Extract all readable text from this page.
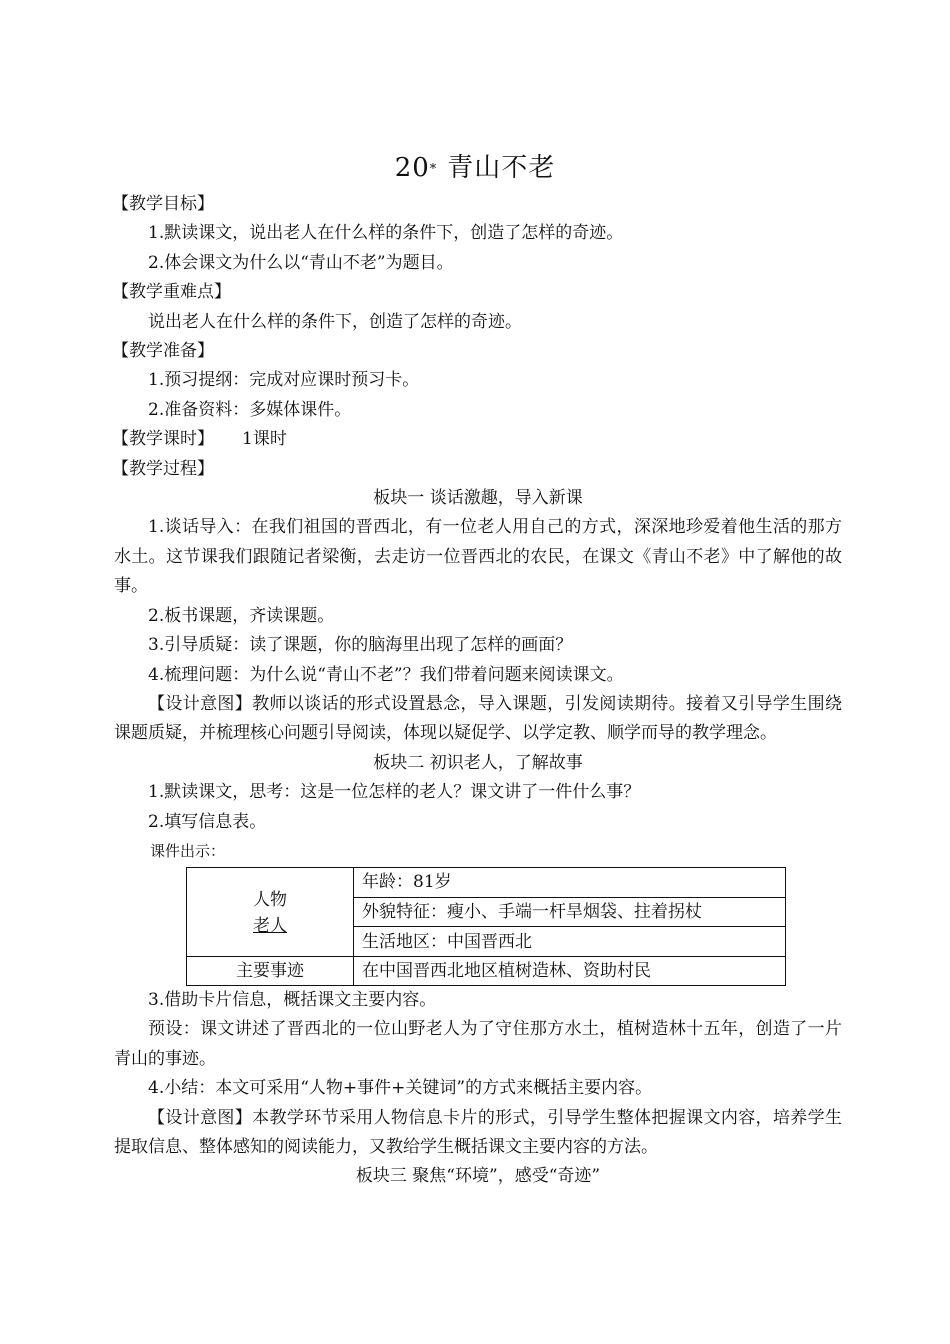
20* 青山不老

【教学目标】

1.默读课文，说出老人在什么样的条件下，创造了怎样的奇迹。

2.体会课文为什么以“青山不老”为题目。

【教学重难点】

说出老人在什么样的条件下，创造了怎样的奇迹。

【教学准备】

1.预习提纲：完成对应课时预习卡。

2.准备资料：多媒体课件。

【教学课时】 1课时

【教学过程】

板块一 谈话激趣，导入新课

1.谈话导入：在我们祖国的晋西北，有一位老人用自己的方式，深深地珍爱着他生活的那方水土。这节课我们跟随记者梁衡，去走访一位晋西北的农民，在课文《青山不老》中了解他的故事。

2.板书课题，齐读课题。

3.引导质疑：读了课题，你的脑海里出现了怎样的画面？

4.梳理问题：为什么说“青山不老”？我们带着问题来阅读课文。

【设计意图】教师以谈话的形式设置悬念，导入课题，引发阅读期待。接着又引导学生围绕课题质疑，并梳理核心问题引导阅读，体现以疑促学、以学定教、顺学而导的教学理念。

板块二 初识老人，了解故事

1.默读课文，思考：这是一位怎样的老人？课文讲了一件什么事？

2.填写信息表。

课件出示：

人物
老人	年龄：81岁
	外貌特征：瘦小、手端一杆旱烟袋、拄着拐杖
	生活地区：中国晋西北
主要事迹	在中国晋西北地区植树造林、资助村民

3.借助卡片信息，概括课文主要内容。

预设：课文讲述了晋西北的一位山野老人为了守住那方水土，植树造林十五年，创造了一片青山的事迹。

4.小结：本文可采用“人物+事件+关键词”的方式来概括主要内容。

【设计意图】本教学环节采用人物信息卡片的形式，引导学生整体把握课文内容，培养学生提取信息、整体感知的阅读能力，又教给学生概括课文主要内容的方法。

板块三 聚焦“环境”，感受“奇迹”
